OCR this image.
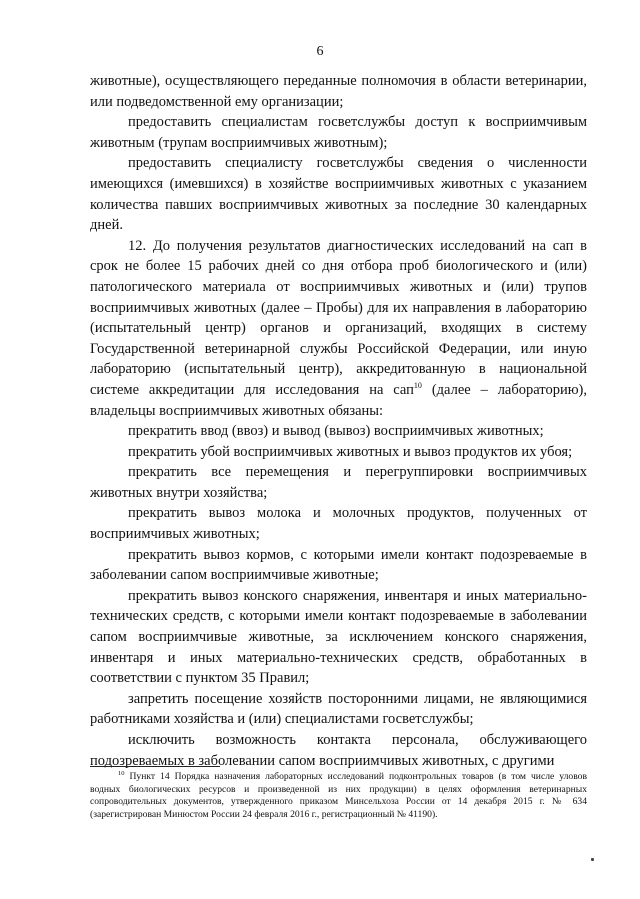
6

животные), осуществляющего переданные полномочия в области ветеринарии, или подведомственной ему организации;

предоставить специалистам госветслужбы доступ к восприимчивым животным (трупам восприимчивых животным);

предоставить специалисту госветслужбы сведения о численности имеющихся (имевшихся) в хозяйстве восприимчивых животных с указанием количества павших восприимчивых животных за последние 30 календарных дней.

12. До получения результатов диагностических исследований на сап в срок не более 15 рабочих дней со дня отбора проб биологического и (или) патологического материала от восприимчивых животных и (или) трупов восприимчивых животных (далее – Пробы) для их направления в лабораторию (испытательный центр) органов и организаций, входящих в систему Государственной ветеринарной службы Российской Федерации, или иную лабораторию (испытательный центр), аккредитованную в национальной системе аккредитации для исследования на сап$^{10}$ (далее – лабораторию), владельцы восприимчивых животных обязаны:

прекратить ввод (ввоз) и вывод (вывоз) восприимчивых животных;

прекратить убой восприимчивых животных и вывоз продуктов их убоя;

прекратить все перемещения и перегруппировки восприимчивых животных внутри хозяйства;

прекратить вывоз молока и молочных продуктов, полученных от восприимчивых животных;

прекратить вывоз кормов, с которыми имели контакт подозреваемые в заболевании сапом восприимчивые животные;

прекратить вывоз конского снаряжения, инвентаря и иных материально-технических средств, с которыми имели контакт подозреваемые в заболевании сапом восприимчивые животные, за исключением конского снаряжения, инвентаря и иных материально-технических средств, обработанных в соответствии с пунктом 35 Правил;

запретить посещение хозяйств посторонними лицами, не являющимися работниками хозяйства и (или) специалистами госветслужбы;

исключить возможность контакта персонала, обслуживающего подозреваемых в заболевании сапом восприимчивых животных, с другими

$^{10}$ Пункт 14 Порядка назначения лабораторных исследований подконтрольных товаров (в том числе уловов водных биологических ресурсов и произведенной из них продукции) в целях оформления ветеринарных сопроводительных документов, утвержденного приказом Минсельхоза России от 14 декабря 2015 г. № 634 (зарегистрирован Минюстом России 24 февраля 2016 г., регистрационный № 41190).
